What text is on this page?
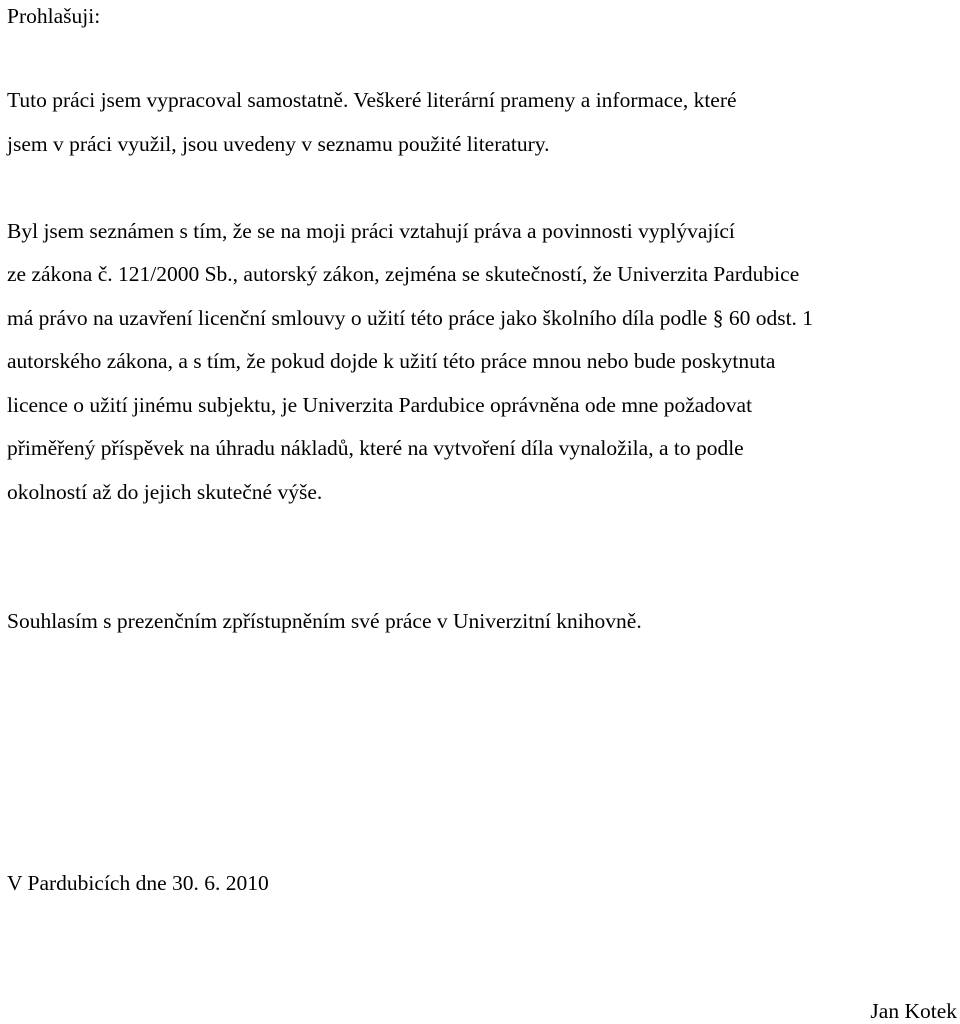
Prohlašuji:
Tuto práci jsem vypracoval samostatně. Veškeré literární prameny a informace, které
jsem v práci využil, jsou uvedeny v seznamu použité literatury.
Byl jsem seznámen s tím, že se na moji práci vztahují práva a povinnosti vyplývající
ze zákona č. 121/2000 Sb., autorský zákon, zejména se skutečností, že Univerzita Pardubice
má právo na uzavření licenční smlouvy o užití této práce jako školního díla podle § 60 odst. 1
autorského zákona, a s tím, že pokud dojde k užití této práce mnou nebo bude poskytnuta
licence o užití jinému subjektu, je Univerzita Pardubice oprávněna ode mne požadovat
přiměřený příspěvek na úhradu nákladů, které na vytvoření díla vynaložila, a to podle
okolností až do jejich skutečné výše.
Souhlasím s prezenčním zpřístupněním své práce v Univerzitní knihovně.
V Pardubicích dne 30. 6. 2010
Jan Kotek
